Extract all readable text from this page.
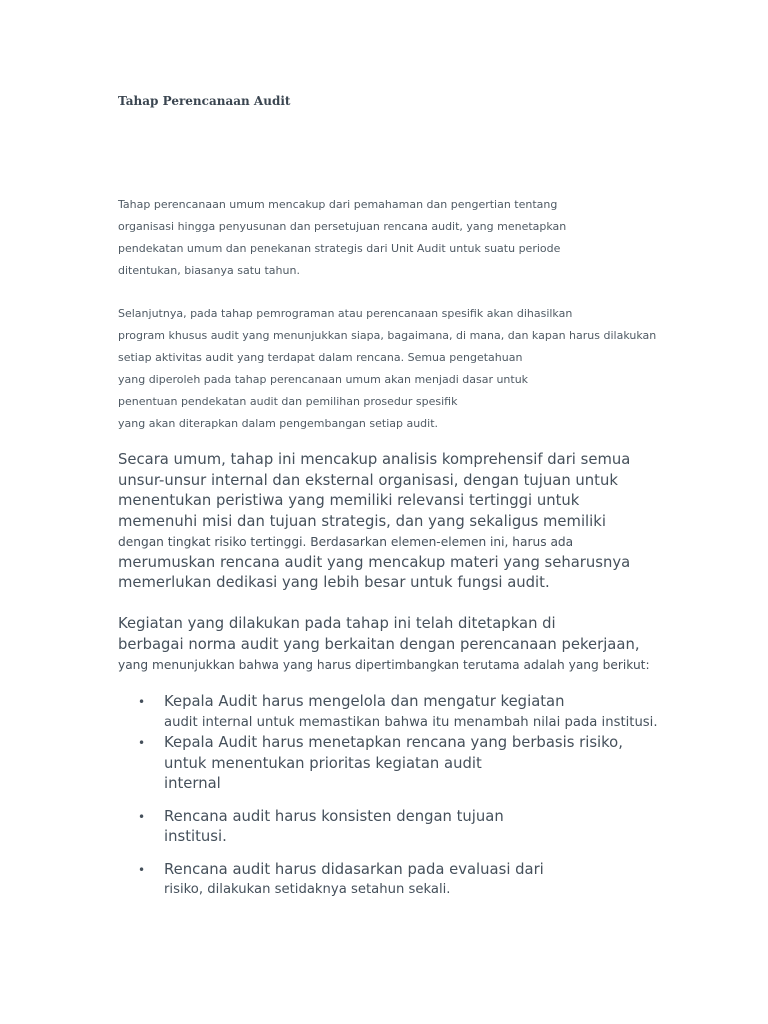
Tahap Perencanaan Audit
Tahap perencanaan umum mencakup dari pemahaman dan pengertian tentang
organisasi hingga penyusunan dan persetujuan rencana audit, yang menetapkan
pendekatan umum dan penekanan strategis dari Unit Audit untuk suatu periode
ditentukan, biasanya satu tahun.
Selanjutnya, pada tahap pemrograman atau perencanaan spesifik akan dihasilkan
program khusus audit yang menunjukkan siapa, bagaimana, di mana, dan kapan harus dilakukan
setiap aktivitas audit yang terdapat dalam rencana. Semua pengetahuan
yang diperoleh pada tahap perencanaan umum akan menjadi dasar untuk
penentuan pendekatan audit dan pemilihan prosedur spesifik
yang akan diterapkan dalam pengembangan setiap audit.
Secara umum, tahap ini mencakup analisis komprehensif dari semua
unsur-unsur internal dan eksternal organisasi, dengan tujuan untuk
menentukan peristiwa yang memiliki relevansi tertinggi untuk
memenuhi misi dan tujuan strategis, dan yang sekaligus memiliki
dengan tingkat risiko tertinggi. Berdasarkan elemen-elemen ini, harus ada
merumuskan rencana audit yang mencakup materi yang seharusnya
memerlukan dedikasi yang lebih besar untuk fungsi audit.
Kegiatan yang dilakukan pada tahap ini telah ditetapkan di
berbagai norma audit yang berkaitan dengan perencanaan pekerjaan,
yang menunjukkan bahwa yang harus dipertimbangkan terutama adalah yang berikut:
• Kepala Audit harus mengelola dan mengatur kegiatan
audit internal untuk memastikan bahwa itu menambah nilai pada institusi.
• Kepala Audit harus menetapkan rencana yang berbasis risiko,
untuk menentukan prioritas kegiatan audit
internal
• Rencana audit harus konsisten dengan tujuan
institusi.
• Rencana audit harus didasarkan pada evaluasi dari
risiko, dilakukan setidaknya setahun sekali.
